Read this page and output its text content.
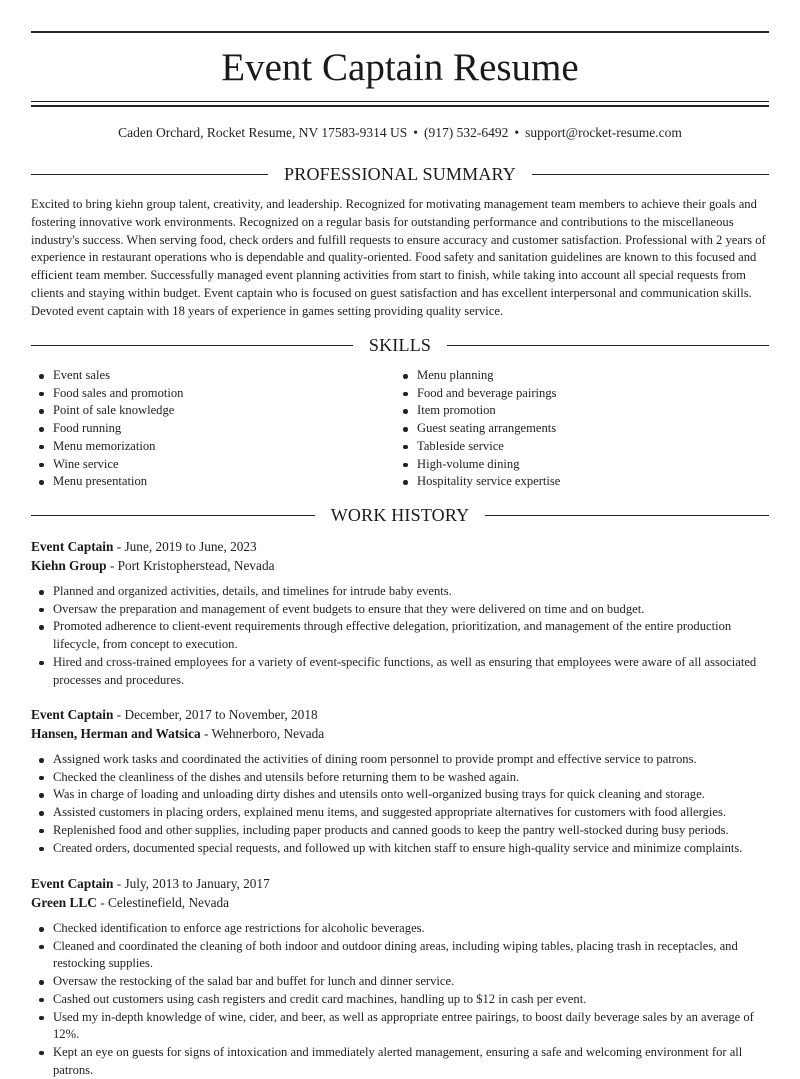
Event Captain Resume
Caden Orchard, Rocket Resume, NV 17583-9314 US • (917) 532-6492 • support@rocket-resume.com
PROFESSIONAL SUMMARY

Excited to bring kiehn group talent, creativity, and leadership. Recognized for motivating management team members to achieve their goals and fostering innovative work environments. Recognized on a regular basis for outstanding performance and contributions to the miscellaneous industry's success. When serving food, check orders and fulfill requests to ensure accuracy and customer satisfaction. Professional with 2 years of experience in restaurant operations who is dependable and quality-oriented. Food safety and sanitation guidelines are known to this focused and efficient team member. Successfully managed event planning activities from start to finish, while taking into account all special requests from clients and staying within budget. Event captain who is focused on guest satisfaction and has excellent interpersonal and communication skills. Devoted event captain with 18 years of experience in games setting providing quality service.

SKILLS
Event sales
Food sales and promotion
Point of sale knowledge
Food running
Menu memorization
Wine service
Menu presentation
Menu planning
Food and beverage pairings
Item promotion
Guest seating arrangements
Tableside service
High-volume dining
Hospitality service expertise
WORK HISTORY
Event Captain - June, 2019 to June, 2023
Kiehn Group - Port Kristopherstead, Nevada
Planned and organized activities, details, and timelines for intrude baby events.
Oversaw the preparation and management of event budgets to ensure that they were delivered on time and on budget.
Promoted adherence to client-event requirements through effective delegation, prioritization, and management of the entire production lifecycle, from concept to execution.
Hired and cross-trained employees for a variety of event-specific functions, as well as ensuring that employees were aware of all associated processes and procedures.
Event Captain - December, 2017 to November, 2018
Hansen, Herman and Watsica - Wehnerboro, Nevada
Assigned work tasks and coordinated the activities of dining room personnel to provide prompt and effective service to patrons.
Checked the cleanliness of the dishes and utensils before returning them to be washed again.
Was in charge of loading and unloading dirty dishes and utensils onto well-organized busing trays for quick cleaning and storage.
Assisted customers in placing orders, explained menu items, and suggested appropriate alternatives for customers with food allergies.
Replenished food and other supplies, including paper products and canned goods to keep the pantry well-stocked during busy periods.
Created orders, documented special requests, and followed up with kitchen staff to ensure high-quality service and minimize complaints.
Event Captain - July, 2013 to January, 2017
Green LLC - Celestinefield, Nevada
Checked identification to enforce age restrictions for alcoholic beverages.
Cleaned and coordinated the cleaning of both indoor and outdoor dining areas, including wiping tables, placing trash in receptacles, and restocking supplies.
Oversaw the restocking of the salad bar and buffet for lunch and dinner service.
Cashed out customers using cash registers and credit card machines, handling up to $12 in cash per event.
Used my in-depth knowledge of wine, cider, and beer, as well as appropriate entree pairings, to boost daily beverage sales by an average of 12%.
Kept an eye on guests for signs of intoxication and immediately alerted management, ensuring a safe and welcoming environment for all patrons.
